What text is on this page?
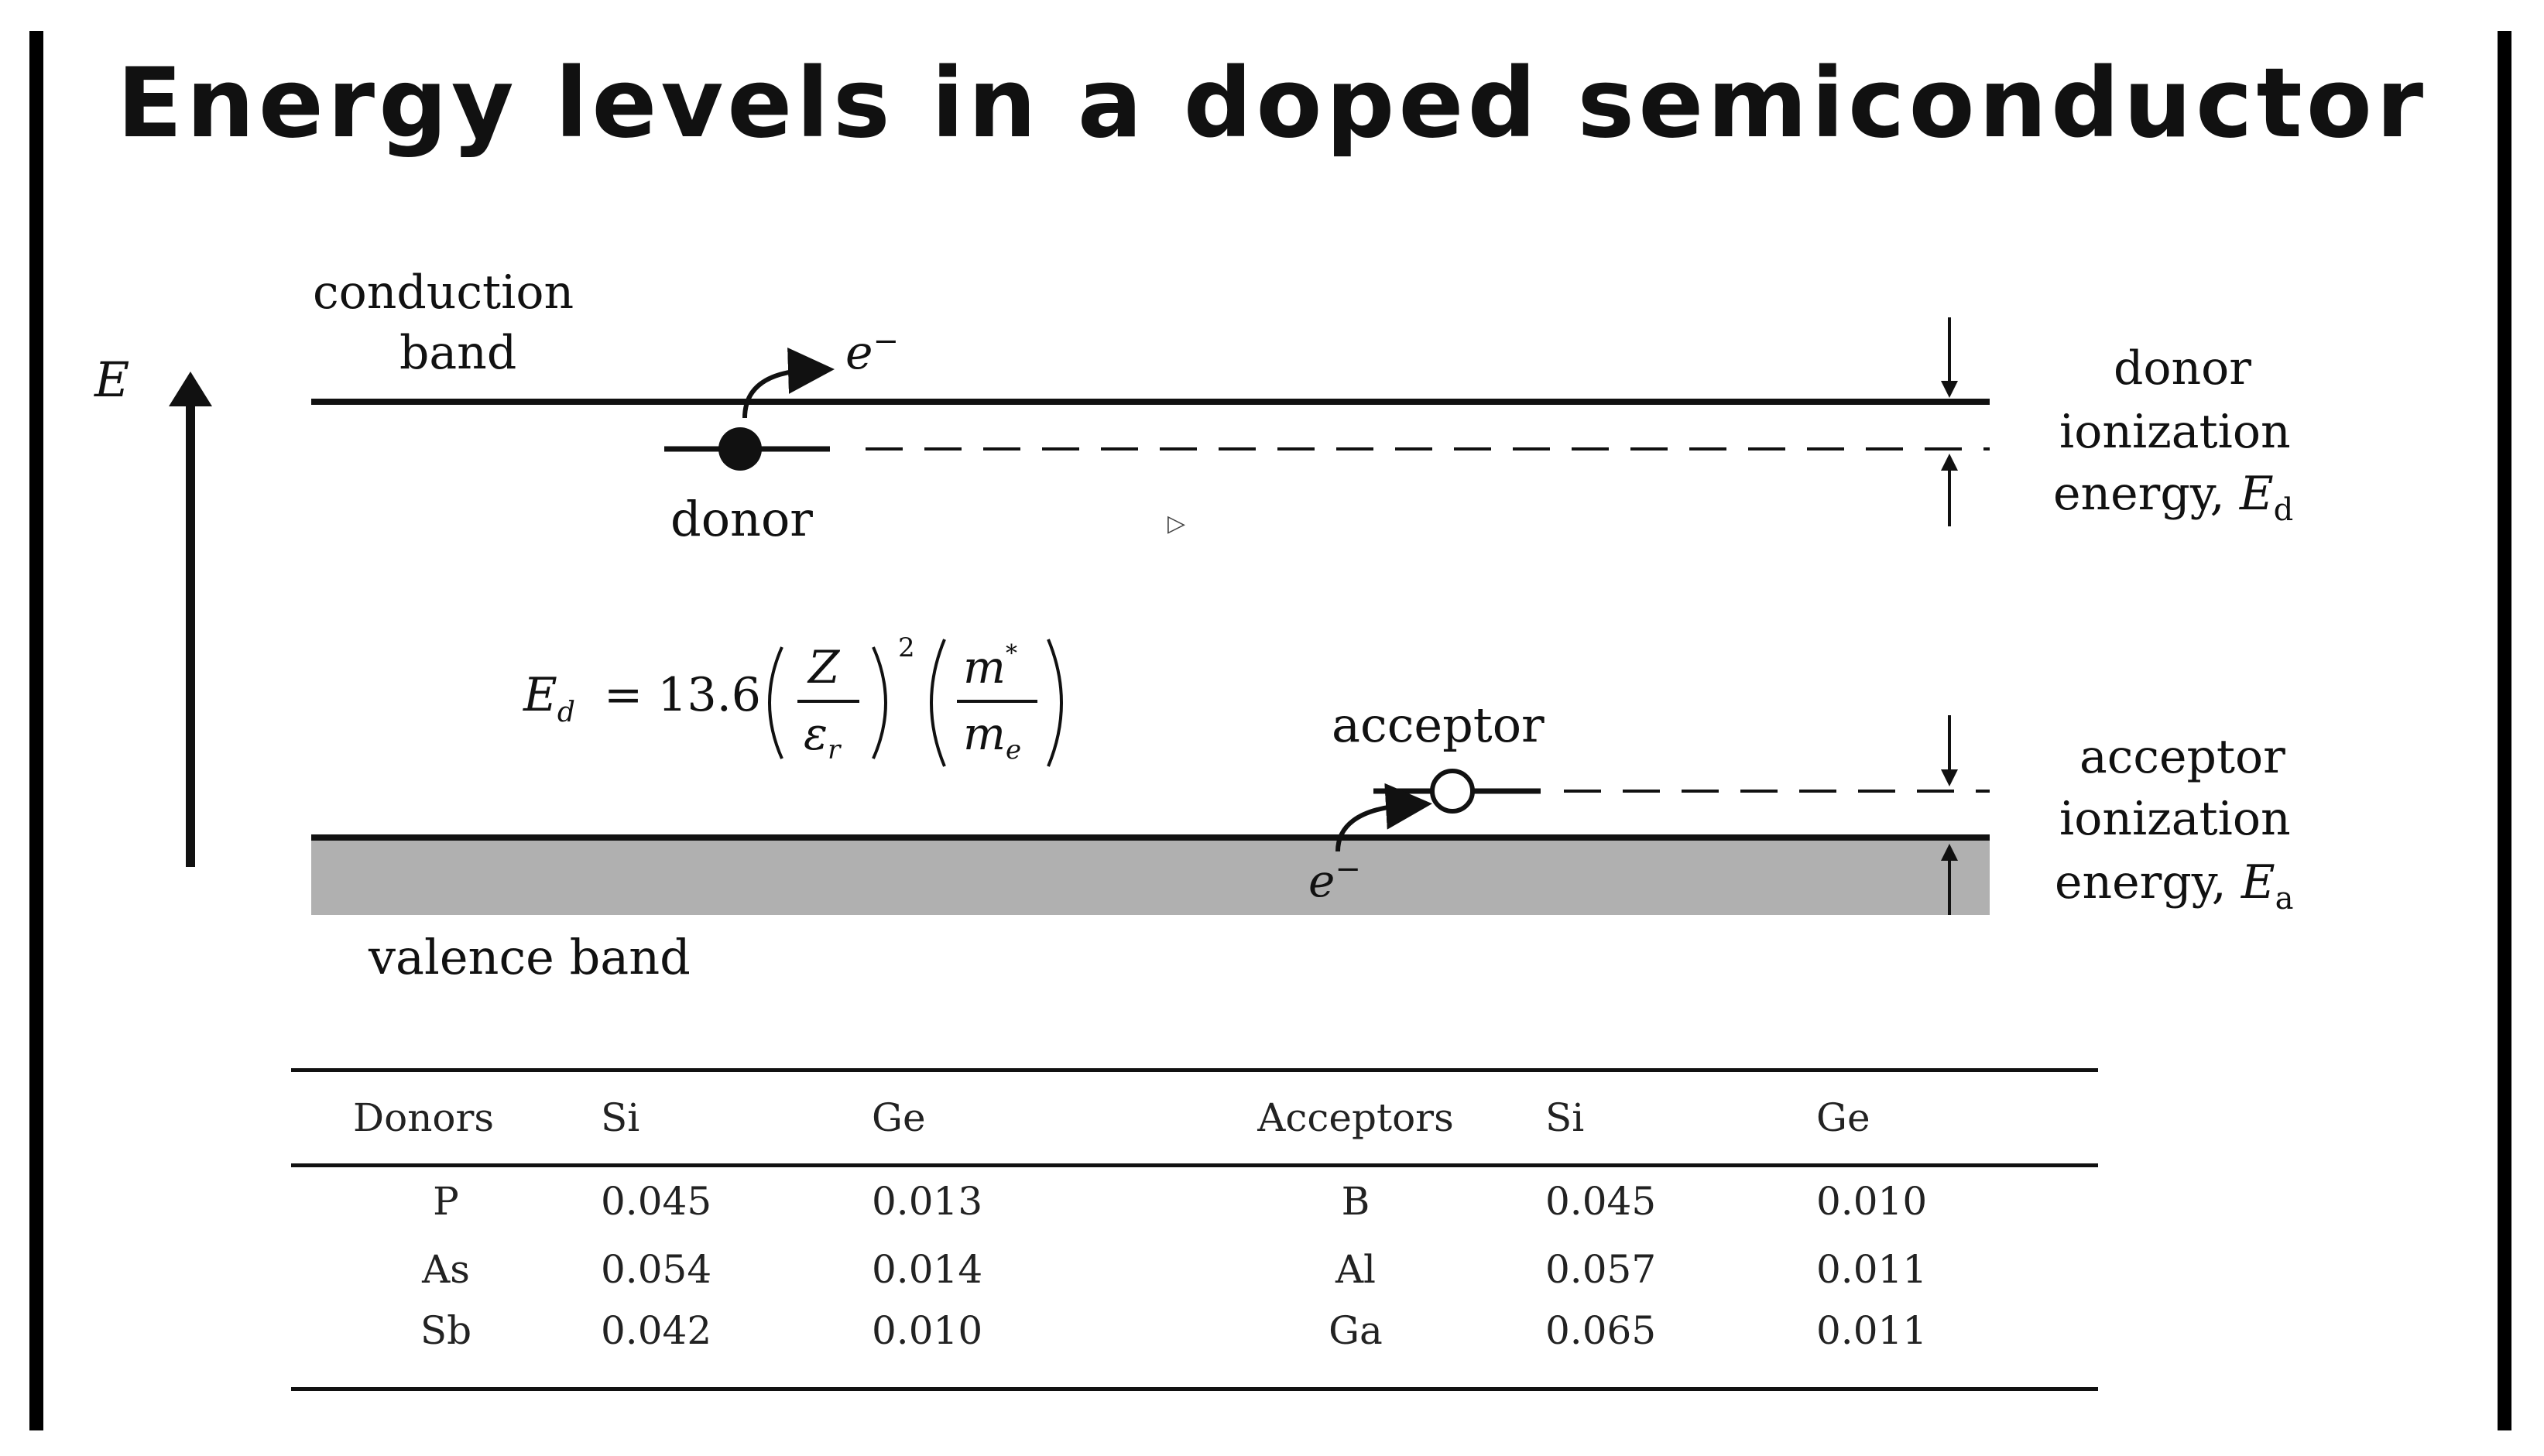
Energy levels in a doped semiconductor
E
conduction
band	e−
donor	▷
donor
ionization
energy, $E_d$
$E_d = 13.6$
Z
$\varepsilon_r$
2 m*
$m_e$	acceptor
e−
acceptor
ionization
energy, $E_a$
valence band
Donors	Si	Ge	Acceptors	Si	Ge
P	0.045	0.013	B	0.045	0.010
As	0.054	0.014	Al	0.057	0.011
Sb	0.042	0.010	Ga	0.065	0.011
